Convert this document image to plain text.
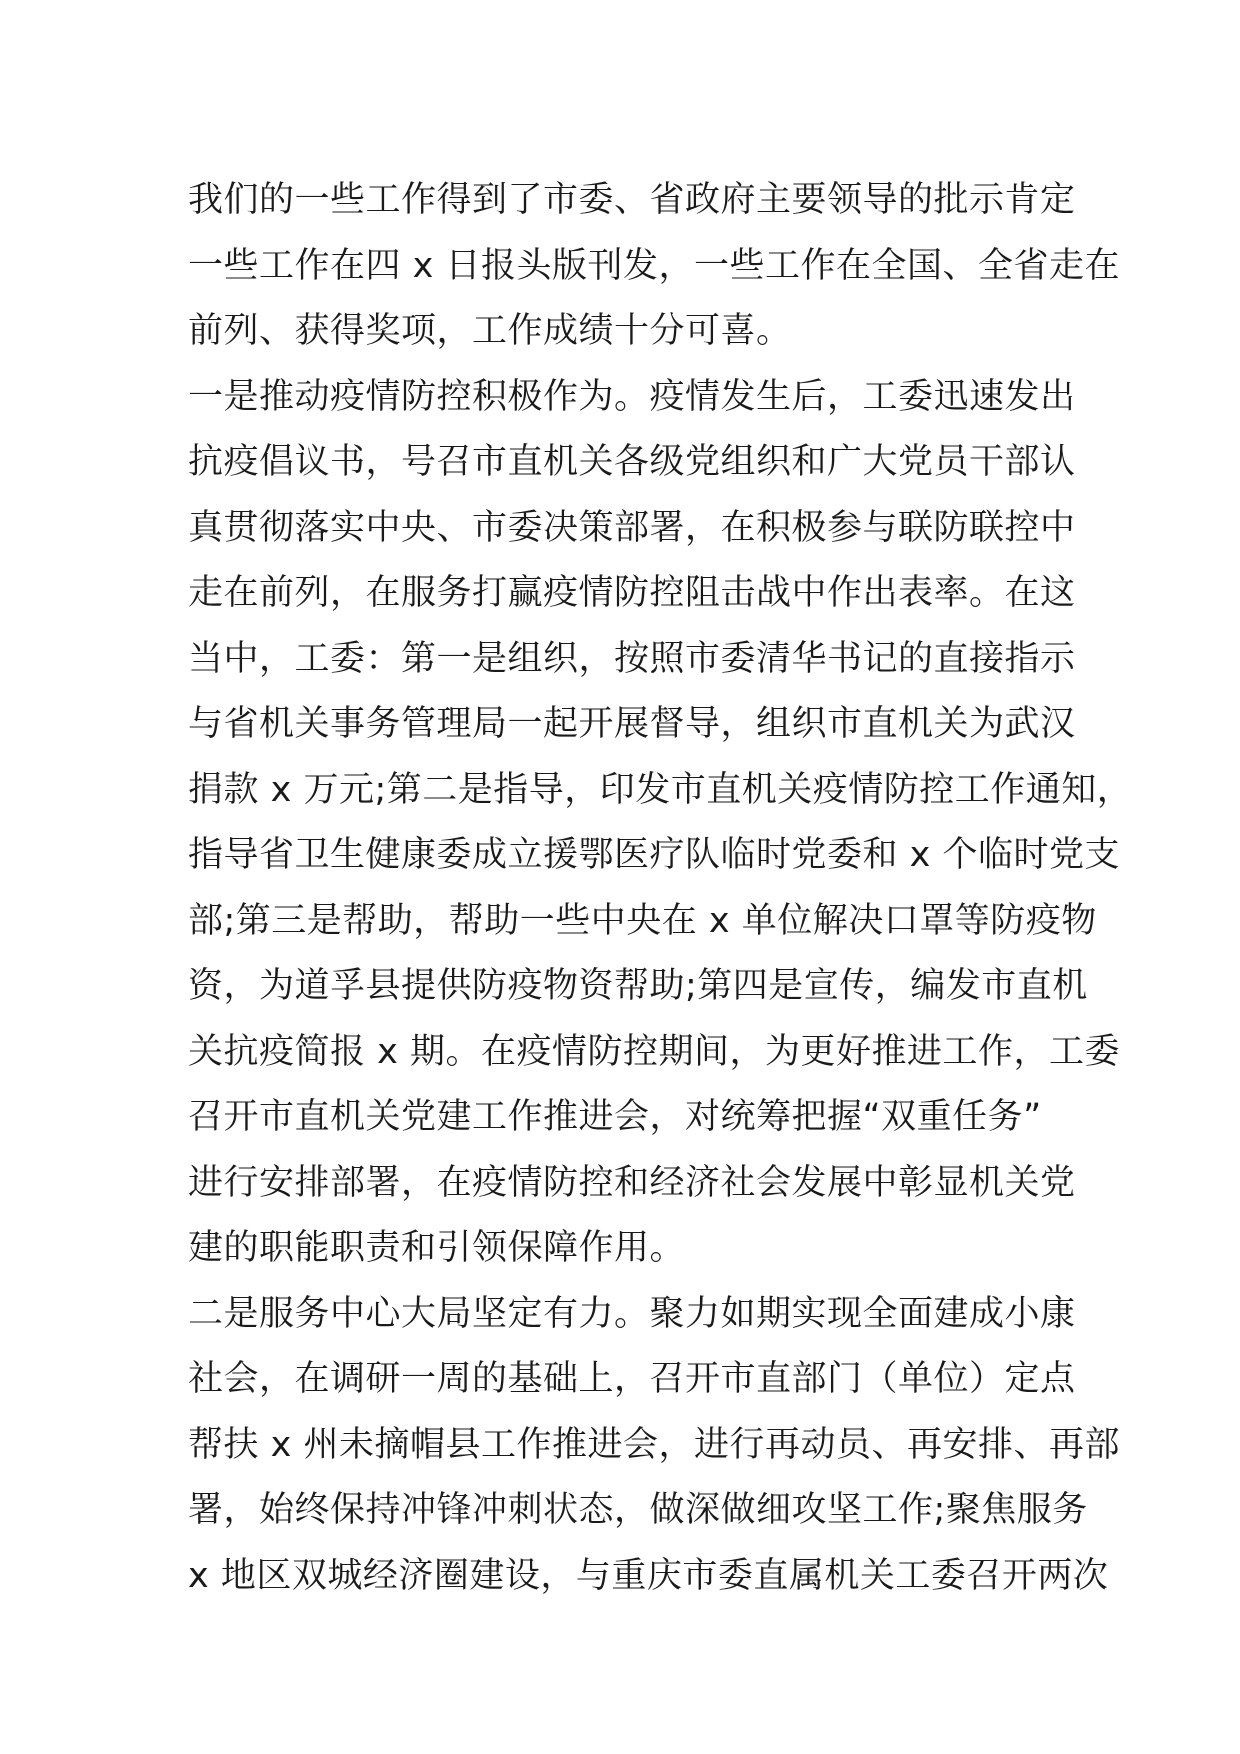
我们的一些工作得到了市委、省政府主要领导的批示肯定
一些工作在四 x 日报头版刊发，一些工作在全国、全省走在
前列、获得奖项，工作成绩十分可喜。
一是推动疫情防控积极作为。疫情发生后，工委迅速发出
抗疫倡议书，号召市直机关各级党组织和广大党员干部认
真贯彻落实中央、市委决策部署，在积极参与联防联控中
走在前列，在服务打赢疫情防控阻击战中作出表率。在这
当中，工委：第一是组织，按照市委清华书记的直接指示
与省机关事务管理局一起开展督导，组织市直机关为武汉
捐款 x 万元;第二是指导，印发市直机关疫情防控工作通知，
指导省卫生健康委成立援鄂医疗队临时党委和 x 个临时党支
部;第三是帮助，帮助一些中央在 x 单位解决口罩等防疫物
资，为道孚县提供防疫物资帮助;第四是宣传，编发市直机
关抗疫简报 x 期。在疫情防控期间，为更好推进工作，工委
召开市直机关党建工作推进会，对统筹把握“双重任务”
进行安排部署，在疫情防控和经济社会发展中彰显机关党
建的职能职责和引领保障作用。
二是服务中心大局坚定有力。聚力如期实现全面建成小康
社会，在调研一周的基础上，召开市直部门（单位）定点
帮扶 x 州未摘帽县工作推进会，进行再动员、再安排、再部
署，始终保持冲锋冲刺状态，做深做细攻坚工作;聚焦服务
x 地区双城经济圈建设，与重庆市委直属机关工委召开两次
